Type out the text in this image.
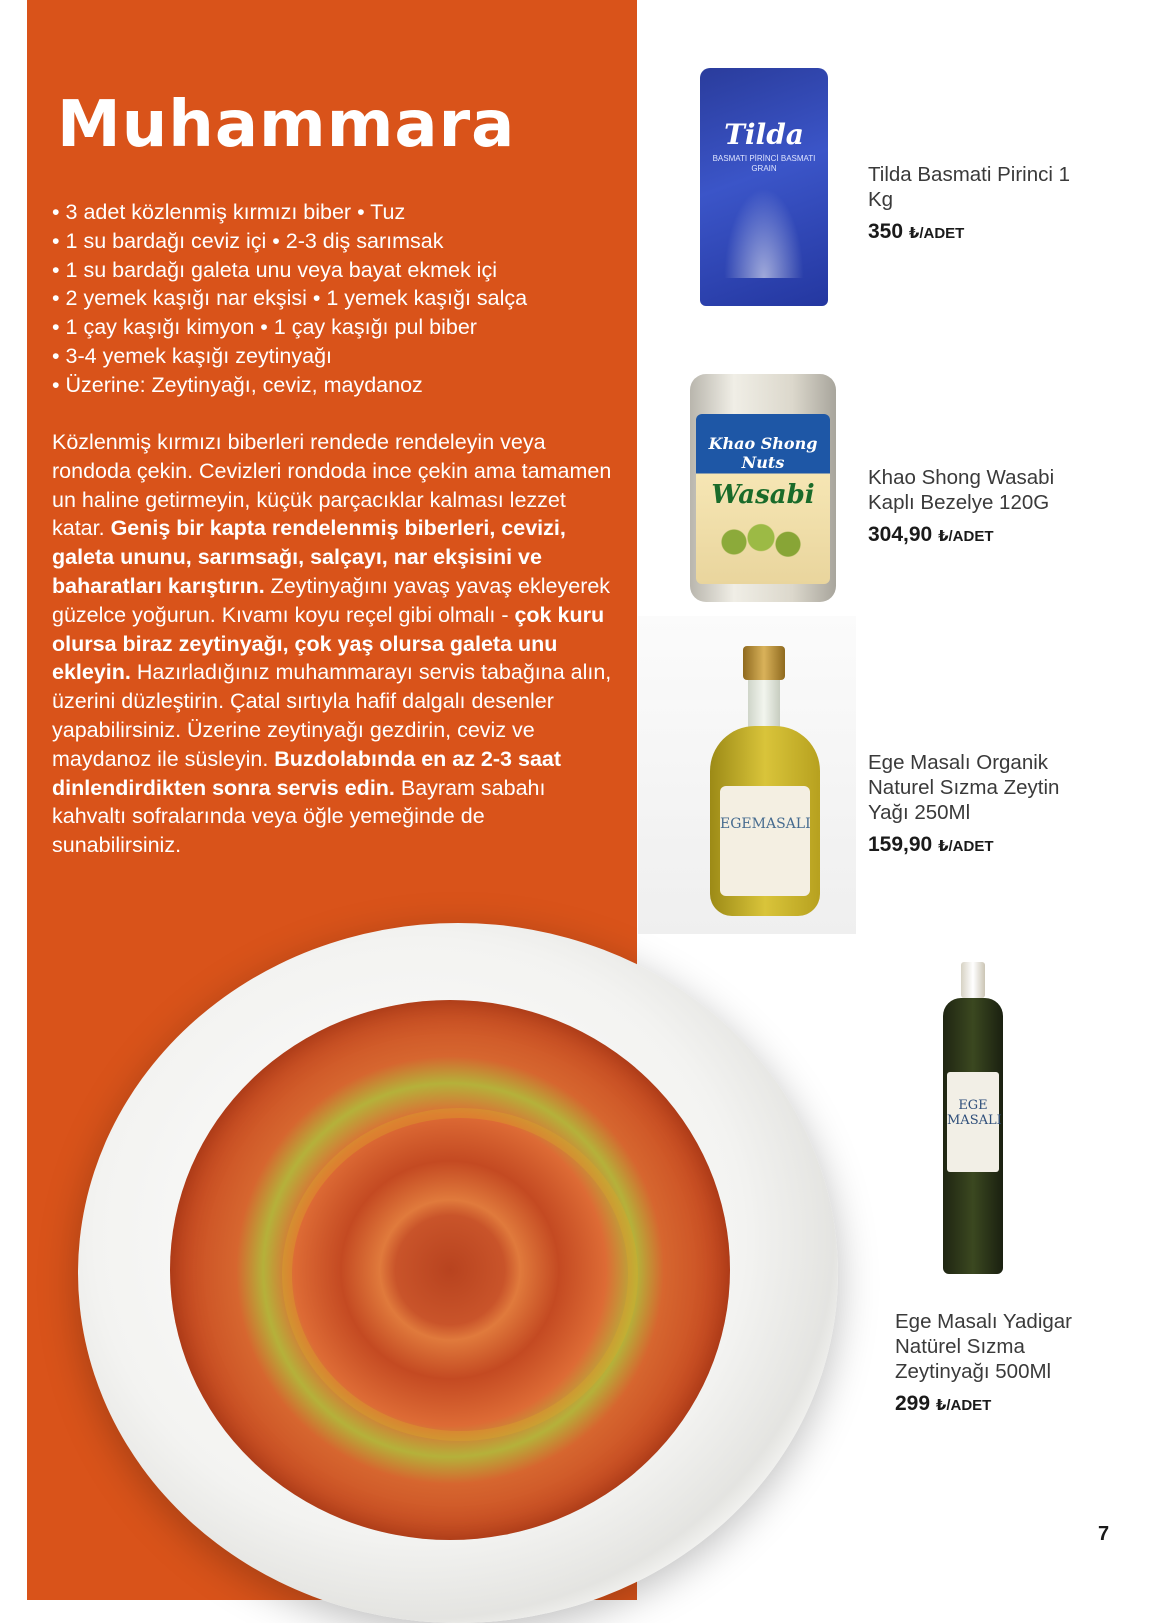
Muhammara
• 3 adet közlenmiş kırmızı biber • Tuz
• 1 su bardağı ceviz içi • 2-3 diş sarımsak
• 1 su bardağı galeta unu veya bayat ekmek içi
• 2 yemek kaşığı nar ekşisi • 1 yemek kaşığı salça
• 1 çay kaşığı kimyon • 1 çay kaşığı pul biber
• 3-4 yemek kaşığı zeytinyağı
• Üzerine: Zeytinyağı, ceviz, maydanoz

Közlenmiş kırmızı biberleri rendede rendeleyin veya rondoda çekin. Cevizleri rondoda ince çekin ama tamamen un haline getirmeyin, küçük parçacıklar kalması lezzet katar. Geniş bir kapta rendelenmiş biberleri, cevizi, galeta ununu, sarımsağı, salçayı, nar ekşisini ve baharatları karıştırın. Zeytinyağını yavaş yavaş ekleyerek güzelce yoğurun. Kıvamı koyu reçel gibi olmalı - çok kuru olursa biraz zeytinyağı, çok yaş olursa galeta unu ekleyin. Hazırladığınız muhammarayı servis tabağına alın, üzerini düzleştirin. Çatal sırtıyla hafif dalgalı desenler yapabilirsiniz. Üzerine zeytinyağı gezdirin, ceviz ve maydanoz ile süsleyin. Buzdolabında en az 2-3 saat dinlendirdikten sonra servis edin. Bayram sabahı kahvaltı sofralarında veya öğle yemeğinde de sunabilirsiniz.

Tilda
BASMATI PİRİNCİ BASMATI GRAIN	Tilda Basmati Pirinci 1 Kg

350 ₺/ADET

Khao Shong Nuts
Wasabi

Khao Shong Wasabi Kaplı Bezelye 120G

304,90 ₺/ADET

EGEMASALI

Ege Masalı Organik Naturel Sızma Zeytin Yağı 250Ml

159,90 ₺/ADET

EGE MASALI

Ege Masalı Yadigar Natürel Sızma Zeytinyağı 500Ml

299 ₺/ADET

7
